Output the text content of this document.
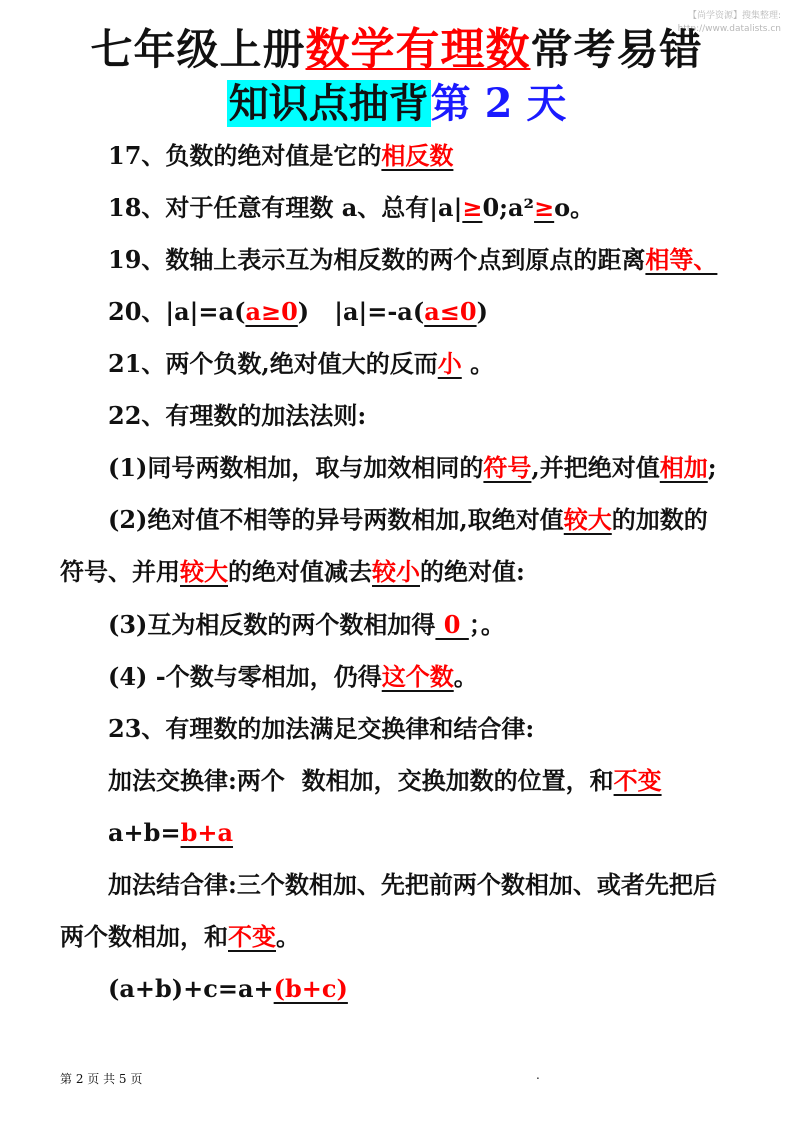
【尚学资源】搜集整理:
http://www.datalists.cn
七年级上册数学有理数常考易错
知识点抽背第 2 天
17、负数的绝对值是它的相反数
18、对于任意有理数 a、总有|a|≥0;a²≥o。
19、数轴上表示互为相反数的两个点到原点的距离相等、
20、|a|=a(a≥0)   |a|=-a(a≤0)
21、两个负数,绝对值大的反而小 。
22、有理数的加法法则:
(1)同号两数相加，取与加效相同的符号,并把绝对值相加;
(2)绝对值不相等的异号两数相加,取绝对值较大的加数的
符号、并用较大的绝对值减去较小的绝对值:
(3)互为相反数的两个数相加得 0 ；。
(4) -个数与零相加，仍得这个数。
23、有理数的加法满足交换律和结合律:
加法交换律:两个  数相加，交换加数的位置，和不变
a+b=b+a
加法结合律:三个数相加、先把前两个数相加、或者先把后
两个数相加，和不变。
(a+b)+c=a+(b+c)
第 2 页 共 5 页	.
